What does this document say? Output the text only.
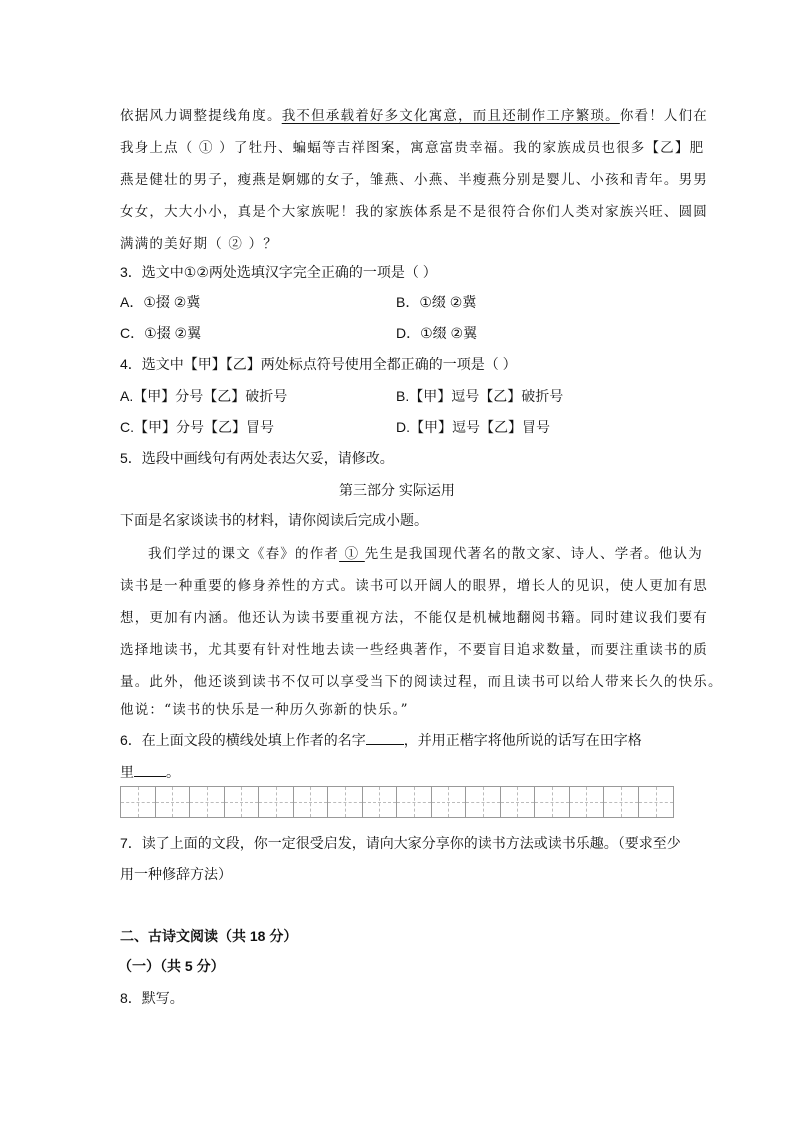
依据风力调整提线角度。我不但承载着好多文化寓意，而且还制作工序繁琐。你看！人们在
我身上点（ ① ）了牡丹、蝙蝠等吉祥图案，寓意富贵幸福。我的家族成员也很多【乙】肥
燕是健壮的男子，瘦燕是婀娜的女子，雏燕、小燕、半瘦燕分别是婴儿、小孩和青年。男男
女女，大大小小，真是个大家族呢！我的家族体系是不是很符合你们人类对家族兴旺、圆圆
满满的美好期（ ② ）？
3．选文中①②两处选填汉字完全正确的一项是（ ）
A．①掇 ②冀	B．①缀 ②冀
C．①掇 ②翼	D．①缀 ②翼
4．选文中【甲】【乙】两处标点符号使用全都正确的一项是（ ）
A.【甲】分号【乙】破折号	B.【甲】逗号【乙】破折号
C.【甲】分号【乙】冒号	D.【甲】逗号【乙】冒号
5．选段中画线句有两处表达欠妥，请修改。
第三部分 实际运用
下面是名家谈读书的材料，请你阅读后完成小题。
我们学过的课文《春》的作者 ① 先生是我国现代著名的散文家、诗人、学者。他认为
读书是一种重要的修身养性的方式。读书可以开阔人的眼界，增长人的见识，使人更加有思
想，更加有内涵。他还认为读书要重视方法，不能仅是机械地翻阅书籍。同时建议我们要有
选择地读书，尤其要有针对性地去读一些经典著作，不要盲目追求数量，而要注重读书的质
量。此外，他还谈到读书不仅可以享受当下的阅读过程，而且读书可以给人带来长久的快乐。
他说：“读书的快乐是一种历久弥新的快乐。”
6．在上面文段的横线处填上作者的名字	，并用正楷字将他所说的话写在田字格
里 。
7．读了上面的文段，你一定很受启发，请向大家分享你的读书方法或读书乐趣。（要求至少
用一种修辞方法）
二、古诗文阅读（共 18 分）
（一）（共 5 分）
8．默写。
